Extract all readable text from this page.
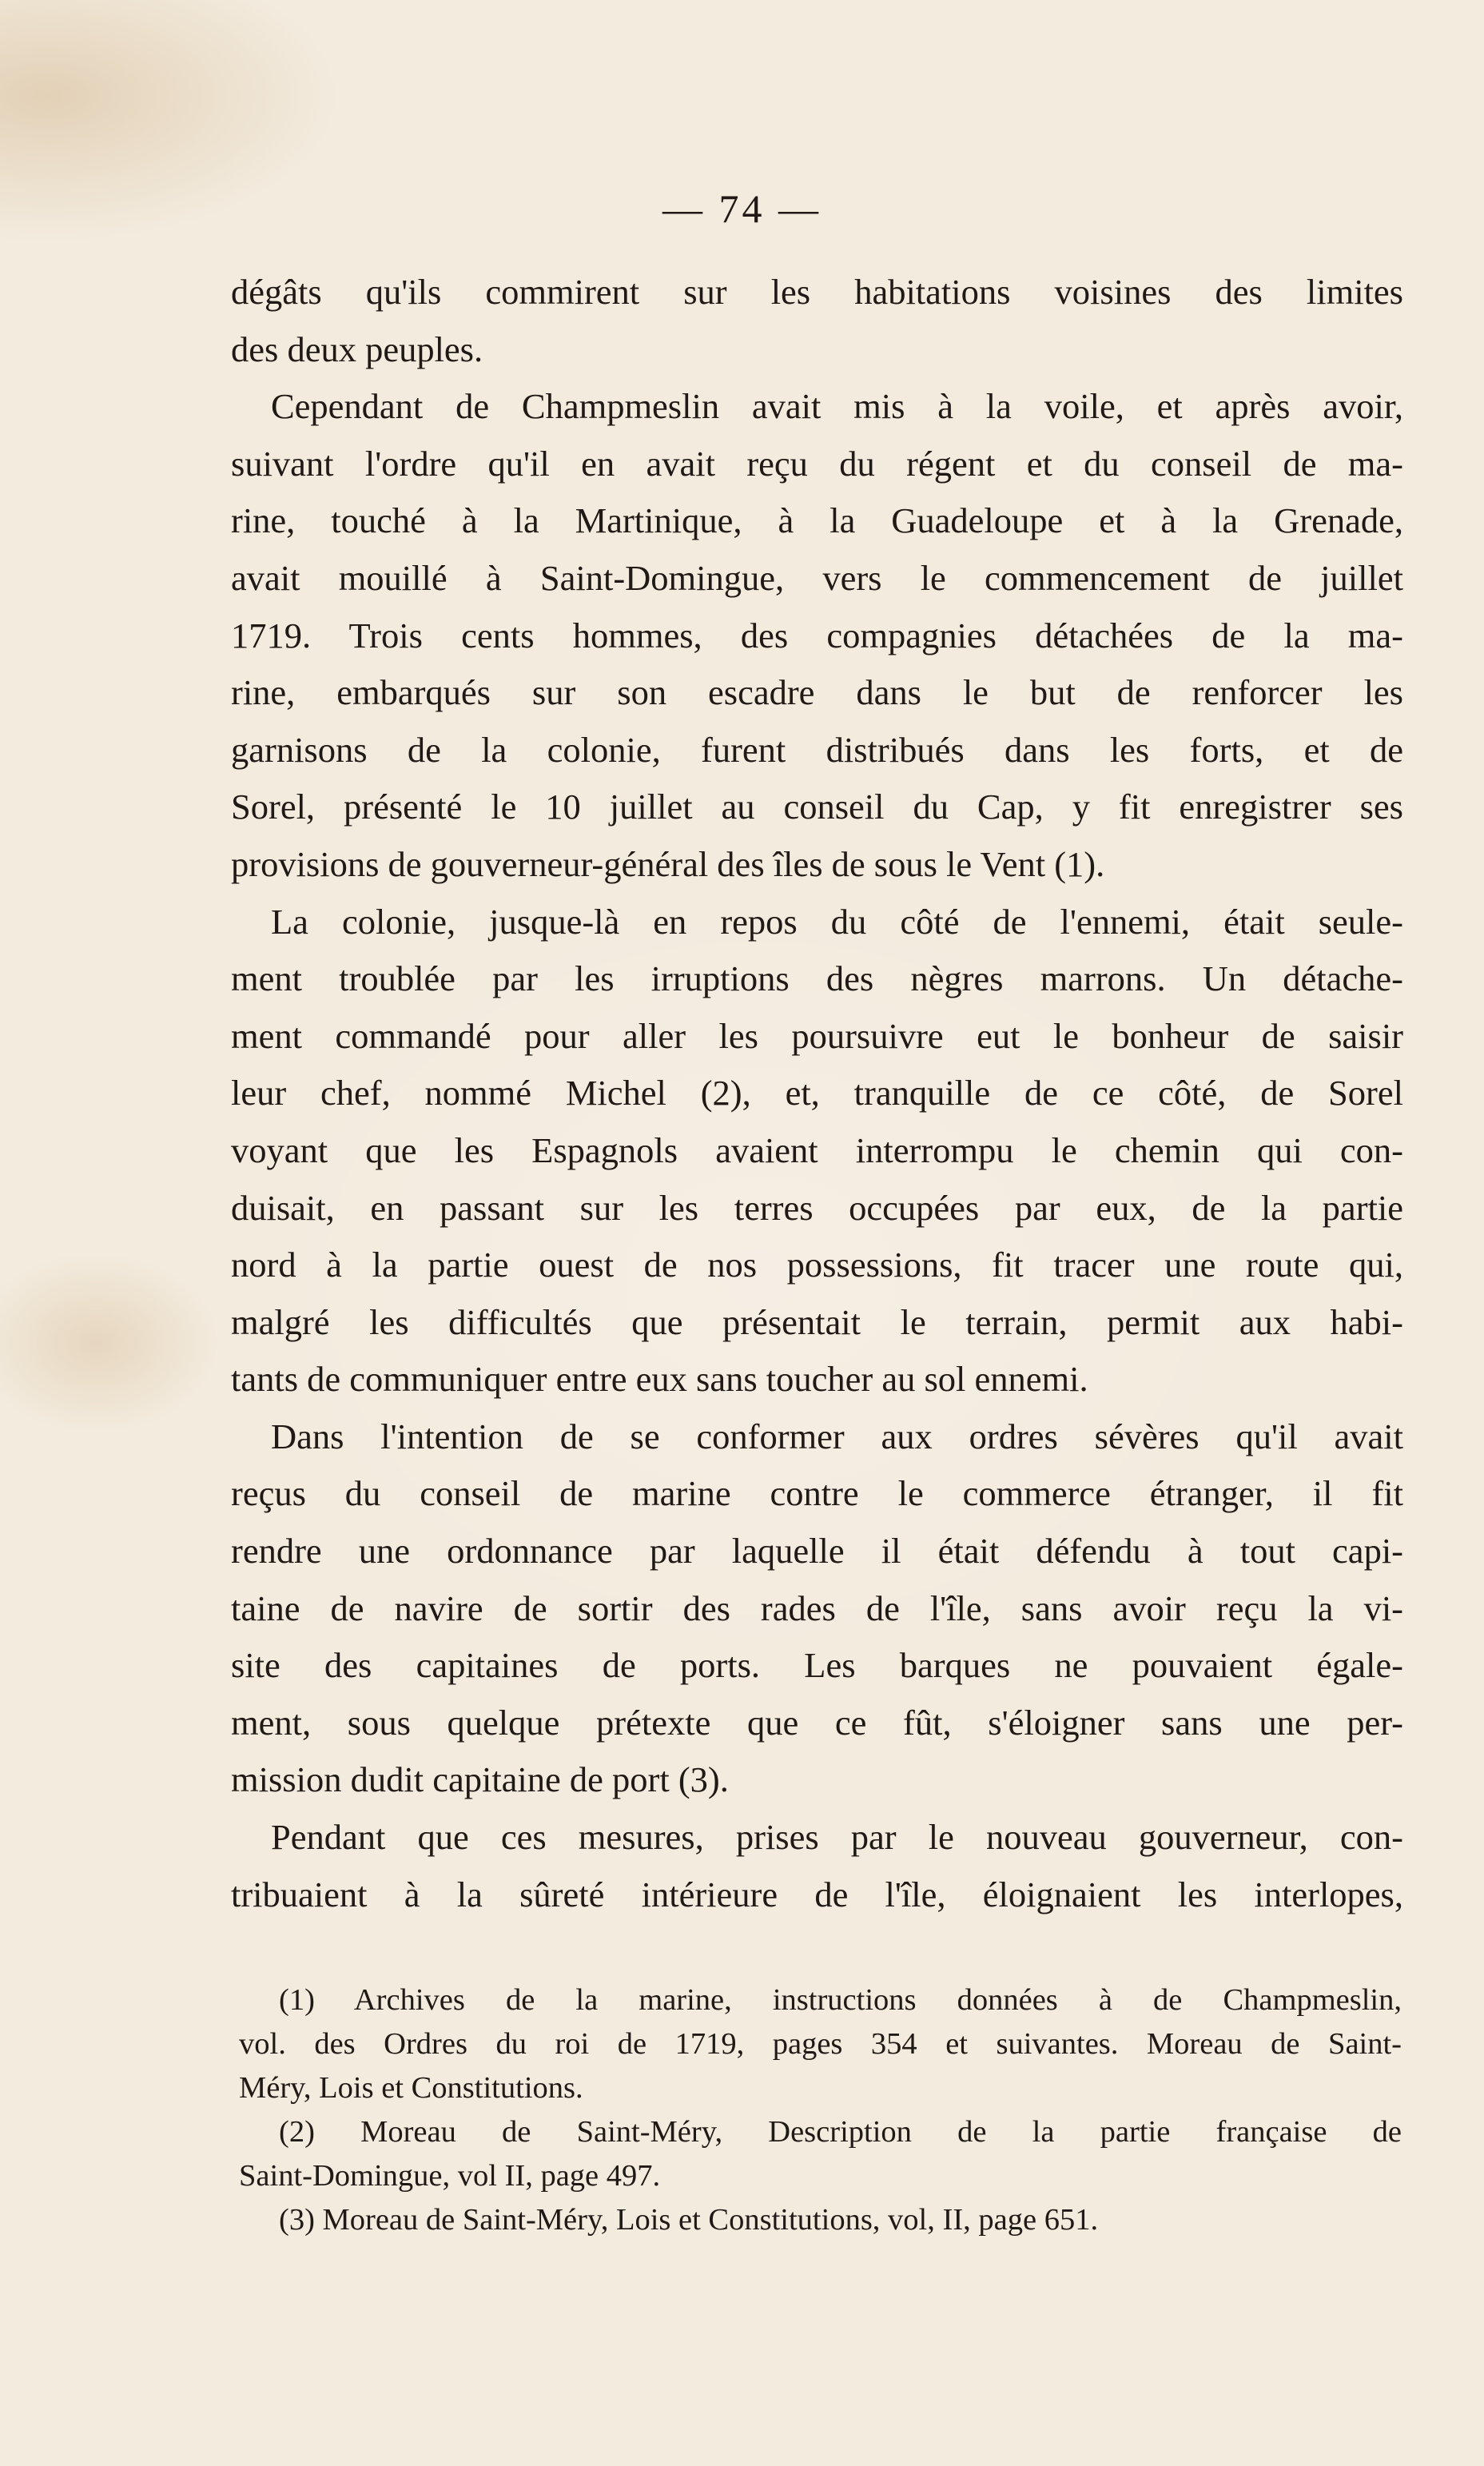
— 74 —
dégâts qu'ils commirent sur les habitations voisines des limites
des deux peuples.
Cependant de Champmeslin avait mis à la voile, et après avoir,
suivant l'ordre qu'il en avait reçu du régent et du conseil de ma-
rine, touché à la Martinique, à la Guadeloupe et à la Grenade,
avait mouillé à Saint-Domingue, vers le commencement de juillet
1719. Trois cents hommes, des compagnies détachées de la ma-
rine, embarqués sur son escadre dans le but de renforcer les
garnisons de la colonie, furent distribués dans les forts, et de
Sorel, présenté le 10 juillet au conseil du Cap, y fit enregistrer ses
provisions de gouverneur-général des îles de sous le Vent (1).
La colonie, jusque-là en repos du côté de l'ennemi, était seule-
ment troublée par les irruptions des nègres marrons. Un détache-
ment commandé pour aller les poursuivre eut le bonheur de saisir
leur chef, nommé Michel (2), et, tranquille de ce côté, de Sorel
voyant que les Espagnols avaient interrompu le chemin qui con-
duisait, en passant sur les terres occupées par eux, de la partie
nord à la partie ouest de nos possessions, fit tracer une route qui,
malgré les difficultés que présentait le terrain, permit aux habi-
tants de communiquer entre eux sans toucher au sol ennemi.
Dans l'intention de se conformer aux ordres sévères qu'il avait
reçus du conseil de marine contre le commerce étranger, il fit
rendre une ordonnance par laquelle il était défendu à tout capi-
taine de navire de sortir des rades de l'île, sans avoir reçu la vi-
site des capitaines de ports. Les barques ne pouvaient égale-
ment, sous quelque prétexte que ce fût, s'éloigner sans une per-
mission dudit capitaine de port (3).
Pendant que ces mesures, prises par le nouveau gouverneur, con-
tribuaient à la sûreté intérieure de l'île, éloignaient les interlopes,
(1) Archives de la marine, instructions données à de Champmeslin,
vol. des Ordres du roi de 1719, pages 354 et suivantes. Moreau de Saint-
Méry, Lois et Constitutions.
(2) Moreau de Saint-Méry, Description de la partie française de
Saint-Domingue, vol II, page 497.
(3) Moreau de Saint-Méry, Lois et Constitutions, vol, II, page 651.
